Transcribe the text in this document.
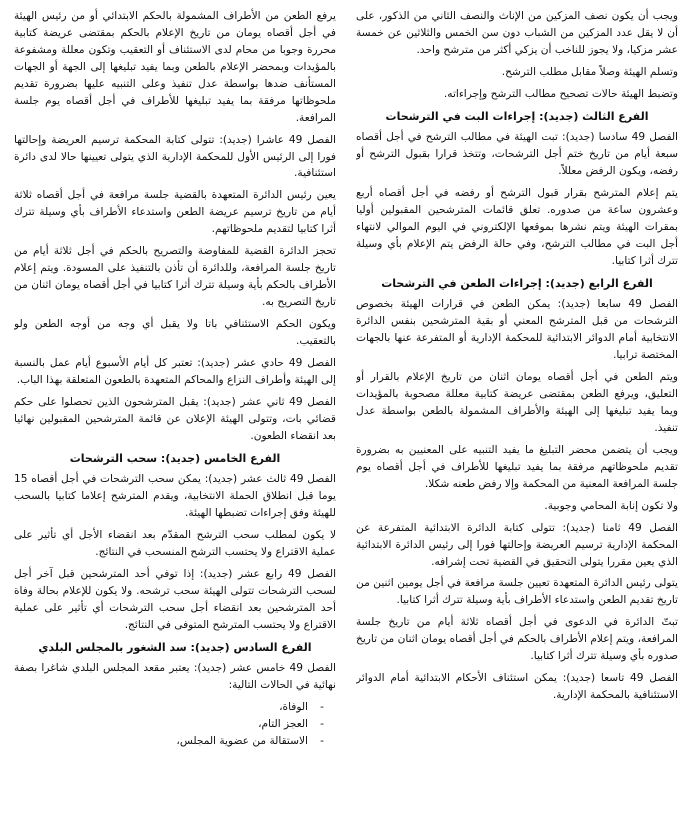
ويجب أن يكون نصف المزكين من الإناث والنصف الثاني من الذكور، على أن لا يقل عدد المزكين من الشباب دون سن الخمس والثلاثين عن خمسة عشر مزكيا، ولا يجوز للناخب أن يزكي أكثر من مترشح واحد.

وتسلم الهيئة وصلاً مقابل مطلب الترشح.

وتضبط الهيئة حالات تصحيح مطالب الترشح وإجراءاته.

الفرع الثالث (جديد): إجراءات البت في الترشحات

الفصل 49 سادسا (جديد): تبت الهيئة في مطالب الترشح في أجل أقصاه سبعة أيام من تاريخ ختم أجل الترشحات، وتتخذ قرارا بقبول الترشح أو رفضه، ويكون الرفض معللاً.

يتم إعلام المترشح بقرار قبول الترشح أو رفضه في أجل أقصاه أربع وعشرون ساعة من صدوره. تعلق قائمات المترشحين المقبولين أوليا بمقرات الهيئة ويتم نشرها بموقعها الإلكتروني في اليوم الموالي لانتهاء أجل البت في مطالب الترشح، وفي حالة الرفض يتم الإعلام بأي وسيلة تترك أثرا كتابيا.

الفرع الرابع (جديد): إجراءات الطعن في الترشحات

الفصل 49 سابعا (جديد): يمكن الطعن في قرارات الهيئة بخصوص الترشحات من قبل المترشح المعني أو بقية المترشحين بنفس الدائرة الانتخابية أمام الدوائر الابتدائية للمحكمة الإدارية أو المتفرعة عنها بالجهات المختصة ترابيا.

ويتم الطعن في أجل أقصاه يومان اثنان من تاريخ الإعلام بالقرار أو التعليق، ويرفع الطعن بمقتضى عريضة كتابية معللة مصحوبة بالمؤيدات ويما يفيد تبليغها إلى الهيئة والأطراف المشمولة بالطعن بواسطة عدل تنفيذ.

ويجب أن يتضمن محضر التبليغ ما يفيد التنبيه على المعنيين به بضرورة تقديم ملحوظاتهم مرفقة بما يفيد تبليغها للأطراف في أجل أقصاه يوم جلسة المرافعة المعنية من المحكمة وإلا رفض طعنه شكلا.

ولا تكون إنابة المحامي وجوبية.

الفصل 49 ثامنا (جديد): تتولى كتابة الدائرة الابتدائية المتفرعة عن المحكمة الإدارية ترسيم العريضة وإحالتها فورا إلى رئيس الدائرة الابتدائية الذي يعين مقررا يتولى التحقيق في القضية تحت إشرافه.

يتولى رئيس الدائرة المتعهدة تعيين جلسة مرافعة في أجل يومين اثنين من تاريخ تقديم الطعن واستدعاء الأطراف بأية وسيلة تترك أثرا كتابيا.

تبتّ الدائرة في الدعوى في أجل أقصاه ثلاثة أيام من تاريخ جلسة المرافعة، ويتم إعلام الأطراف بالحكم في أجل أقصاه يومان اثنان من تاريخ صدوره بأي وسيلة تترك أثرا كتابيا.

الفصل 49 تاسعا (جديد): يمكن استئناف الأحكام الابتدائية أمام الدوائر الاستئنافية بالمحكمة الإدارية.

يرفع الطعن من الأطراف المشمولة بالحكم الابتدائي أو من رئيس الهيئة في أجل أقصاه يومان من تاريخ الإعلام بالحكم بمقتضى عريضة كتابية محررة وجوبا من محام لدى الاستئناف أو التعقيب وتكون معللة ومشفوعة بالمؤيدات وبمحضر الإعلام بالطعن وبما يفيد تبليغها إلى الجهة أو الجهات المستأنف ضدها بواسطة عدل تنفيذ وعلى التنبيه عليها بضرورة تقديم ملحوظاتها مرفقة بما يفيد تبليغها للأطراف في أجل أقصاه يوم جلسة المرافعة.

الفصل 49 عاشرا (جديد): تتولى كتابة المحكمة ترسيم العريضة وإحالتها فورا إلى الرئيس الأول للمحكمة الإدارية الذي يتولى تعيينها حالا لدى دائرة استئنافية.

يعين رئيس الدائرة المتعهدة بالقضية جلسة مرافعة في أجل أقصاه ثلاثة أيام من تاريخ ترسيم عريضة الطعن واستدعاء الأطراف بأي وسيلة تترك أثرا كتابيا لتقديم ملحوظاتهم.

تحجز الدائرة القضية للمفاوضة والتصريح بالحكم في أجل ثلاثة أيام من تاريخ جلسة المرافعة، وللدائرة أن تأذن بالتنفيذ على المسودة. ويتم إعلام الأطراف بالحكم بأية وسيلة تترك أثرا كتابيا في أجل أقصاه يومان اثنان من تاريخ التصريح به.

ويكون الحكم الاستئنافي باتا ولا يقبل أي وجه من أوجه الطعن ولو بالتعقيب.

الفصل 49 حادي عشر (جديد): تعتبر كل أيام الأسبوع أيام عمل بالنسبة إلى الهيئة وأطراف النزاع والمحاكم المتعهدة بالطعون المتعلقة بهذا الباب.

الفصل 49 ثاني عشر (جديد): يقبل المترشحون الذين تحصلوا على حكم قضائي بات، وتتولى الهيئة الإعلان عن قائمة المترشحين المقبولين نهائيا بعد انقضاء الطعون.

الفرع الخامس (جديد): سحب الترشحات

الفصل 49 ثالث عشر (جديد): يمكن سحب الترشحات في أجل أقصاه 15 يوما قبل انطلاق الحملة الانتخابية، ويقدم المترشح إعلاما كتابيا بالسحب للهيئة وفق إجراءات تضبطها الهيئة.

لا يكون لمطلب سحب الترشح المقدّم بعد انقضاء الأجل أي تأثير على عملية الاقتراع ولا يحتسب الترشح المنسحب في النتائج.

الفصل 49 رابع عشر (جديد): إذا توفي أحد المترشحين قبل آخر أجل لسحب الترشحات تتولى الهيئة سحب ترشحه. ولا يكون للإعلام بحالة وفاة أحد المترشحين بعد انقضاء أجل سحب الترشحات أي تأثير على عملية الاقتراع ولا يحتسب المترشح المتوفى في النتائج.

الفرع السادس (جديد): سد الشغور بالمجلس البلدي

الفصل 49 خامس عشر (جديد): يعتبر مقعد المجلس البلدي شاغرا بصفة نهائية في الحالات التالية:

- الوفاة،
- العجز التام،
- الاستقالة من عضوية المجلس،
